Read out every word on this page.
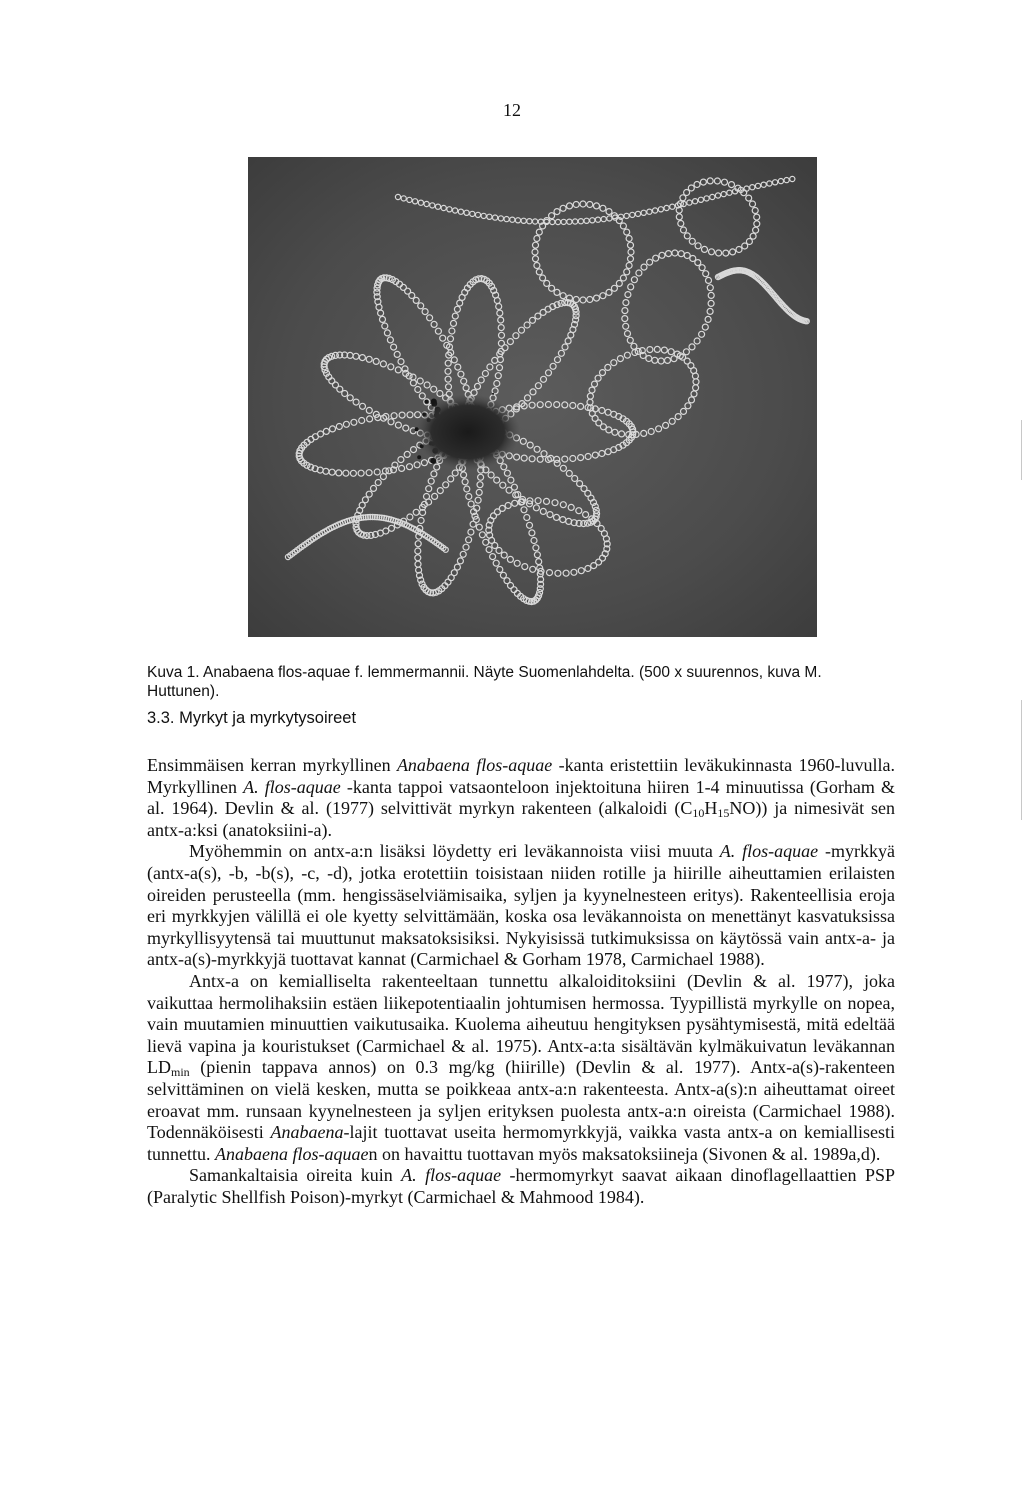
12
Kuva 1. Anabaena flos-aquae f. lemmermannii. Näyte Suomenlahdelta. (500 x suurennos, kuva M.
Huttunen).
3.3. Myrkyt ja myrkytysoireet

Ensimmäisen kerran myrkyllinen Anabaena flos-aquae -kanta eristettiin leväkukinnasta 1960-luvulla. Myrkyllinen A. flos-aquae -kanta tappoi vatsaonteloon injektoituna hiiren 1-4 minuutissa (Gorham & al. 1964). Devlin & al. (1977) selvittivät myrkyn rakenteen (alkaloidi $(C_{10}H_{15}NO)$) ja nimesivät sen antx-a:ksi (anatoksiini-a).

Myöhemmin on antx-a:n lisäksi löydetty eri leväkannoista viisi muuta A. flos-aquae -myrkkyä (antx-a(s), -b, -b(s), -c, -d), jotka erotettiin toisistaan niiden rotille ja hiirille aiheuttamien erilaisten oireiden perusteella (mm. hengissäselviämisaika, syljen ja kyynelnesteen eritys). Rakenteellisia eroja eri myrkkyjen välillä ei ole kyetty selvittämään, koska osa leväkannoista on menettänyt kasvatuksissa myrkyllisyytensä tai muuttunut maksatoksisiksi. Nykyisissä tutkimuksissa on käytössä vain antx-a- ja antx-a(s)-myrkkyjä tuottavat kannat (Carmichael & Gorham 1978, Carmichael 1988).

Antx-a on kemialliselta rakenteeltaan tunnettu alkaloiditoksiini (Devlin & al. 1977), joka vaikuttaa hermolihaksiin estäen liikepotentiaalin johtumisen hermossa. Tyypillistä myrkylle on nopea, vain muutamien minuuttien vaikutusaika. Kuolema aiheutuu hengityksen pysähtymisestä, mitä edeltää lievä vapina ja kouristukset (Carmichael & al. 1975). Antx-a:ta sisältävän kylmäkuivatun leväkannan $LD_{min}$ (pienin tappava annos) on 0.3 mg/kg (hiirille) (Devlin & al. 1977). Antx-a(s)-rakenteen selvittäminen on vielä kesken, mutta se poikkeaa antx-a:n rakenteesta. Antx-a(s):n aiheuttamat oireet eroavat mm. runsaan kyynelnesteen ja syljen erityksen puolesta antx-a:n oireista (Carmichael 1988). Todennäköisesti Anabaena-lajit tuottavat useita hermomyrkkyjä, vaikka vasta antx-a on kemiallisesti tunnettu. Anabaena flos-aquaen on havaittu tuottavan myös maksatoksiineja (Sivonen & al. 1989a,d).

Samankaltaisia oireita kuin A. flos-aquae -hermomyrkyt saavat aikaan dinoflagellaattien PSP (Paralytic Shellfish Poison)-myrkyt (Carmichael & Mahmood 1984).
